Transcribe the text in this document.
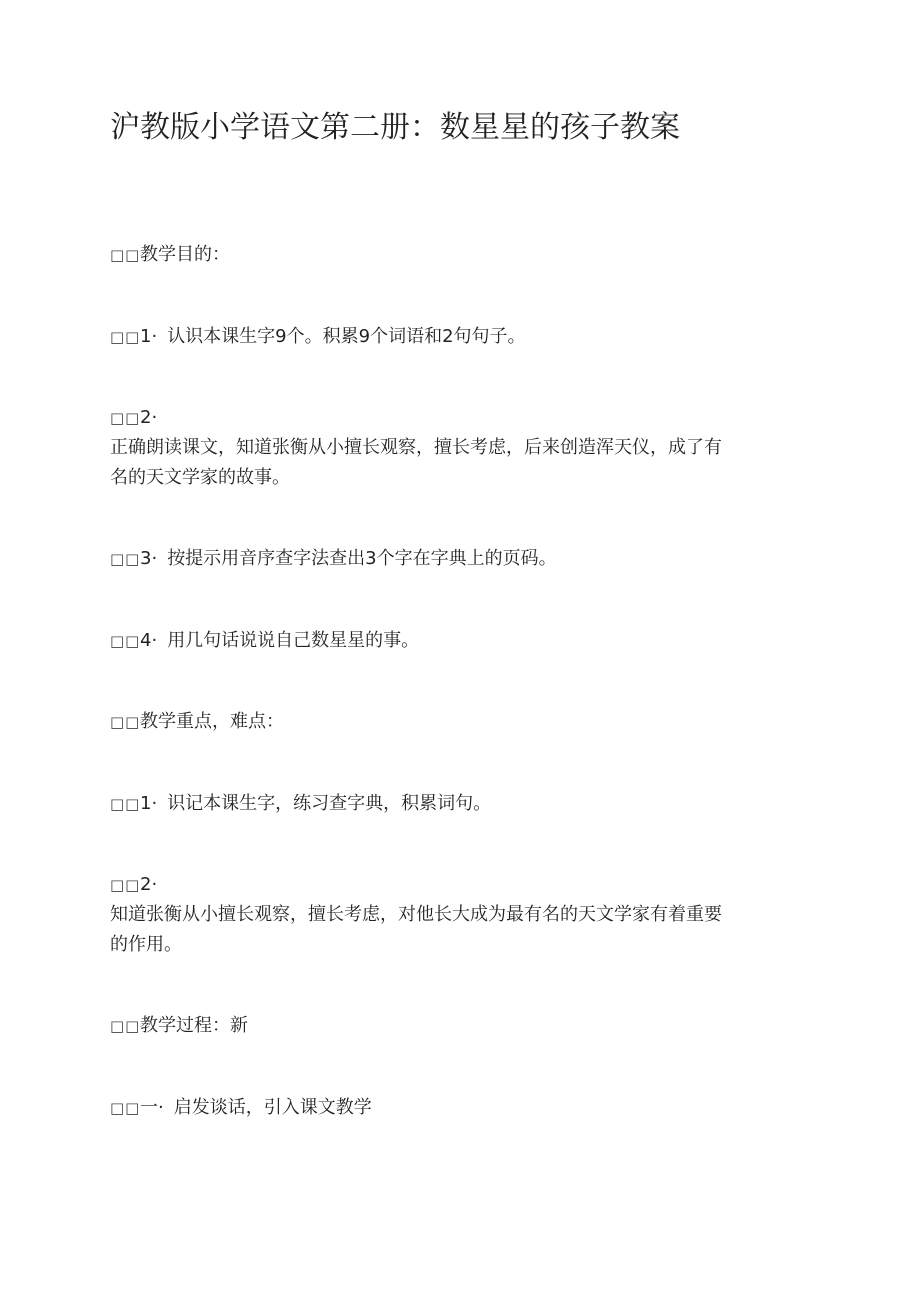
沪教版小学语文第二册：数星星的孩子教案
□□教学目的：
□□1· 认识本课生字9个。积累9个词语和2句句子。
□□2·
正确朗读课文，知道张衡从小擅长观察，擅长考虑，后来创造浑天仪，成了有
名的天文学家的故事。
□□3· 按提示用音序查字法查出3个字在字典上的页码。
□□4· 用几句话说说自己数星星的事。
□□教学重点，难点：
□□1· 识记本课生字，练习查字典，积累词句。
□□2·
知道张衡从小擅长观察，擅长考虑，对他长大成为最有名的天文学家有着重要
的作用。
□□教学过程：新
□□一· 启发谈话，引入课文教学
